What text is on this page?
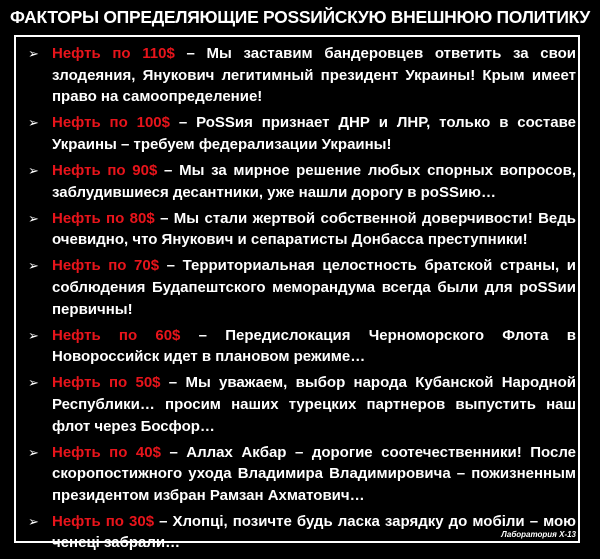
ФАКТОРЫ ОПРЕДЕЛЯЮЩИЕ РОSSИЙСКУЮ ВНЕШНЮЮ ПОЛИТИКУ
➢ Нефть по 110$ – Мы заставим бандеровцев ответить за свои злодеяния, Янукович легитимный президент Украины! Крым имеет право на самоопределение!
➢ Нефть по 100$ – РоSSия признает ДНР и ЛНР, только в составе Украины – требуем федерализации Украины!
➢ Нефть по 90$ – Мы за мирное решение любых спорных вопросов, заблудившиеся десантники, уже нашли дорогу в роSSию…
➢ Нефть по 80$ – Мы стали жертвой собственной доверчивости! Ведь очевидно, что Янукович и сепаратисты Донбасса преступники!
➢ Нефть по 70$ – Территориальная целостность братской страны, и соблюдения Будапештского меморандума всегда были для роSSии первичны!
➢ Нефть по 60$ – Передислокация Черноморского Флота в Новороссийск идет в плановом режиме…
➢ Нефть по 50$ – Мы уважаем, выбор народа Кубанской Народной Республики… просим наших турецких партнеров выпустить наш флот через Босфор…
➢ Нефть по 40$ – Аллах Акбар – дорогие соотечественники! После скоропостижного ухода Владимира Владимировича – пожизненным президентом избран Рамзан Ахматович…
➢ Нефть по 30$ – Хлопці, позичте будь ласка зарядку до мобіли – мою ченецi забрали…	Лаборатория Х-13
